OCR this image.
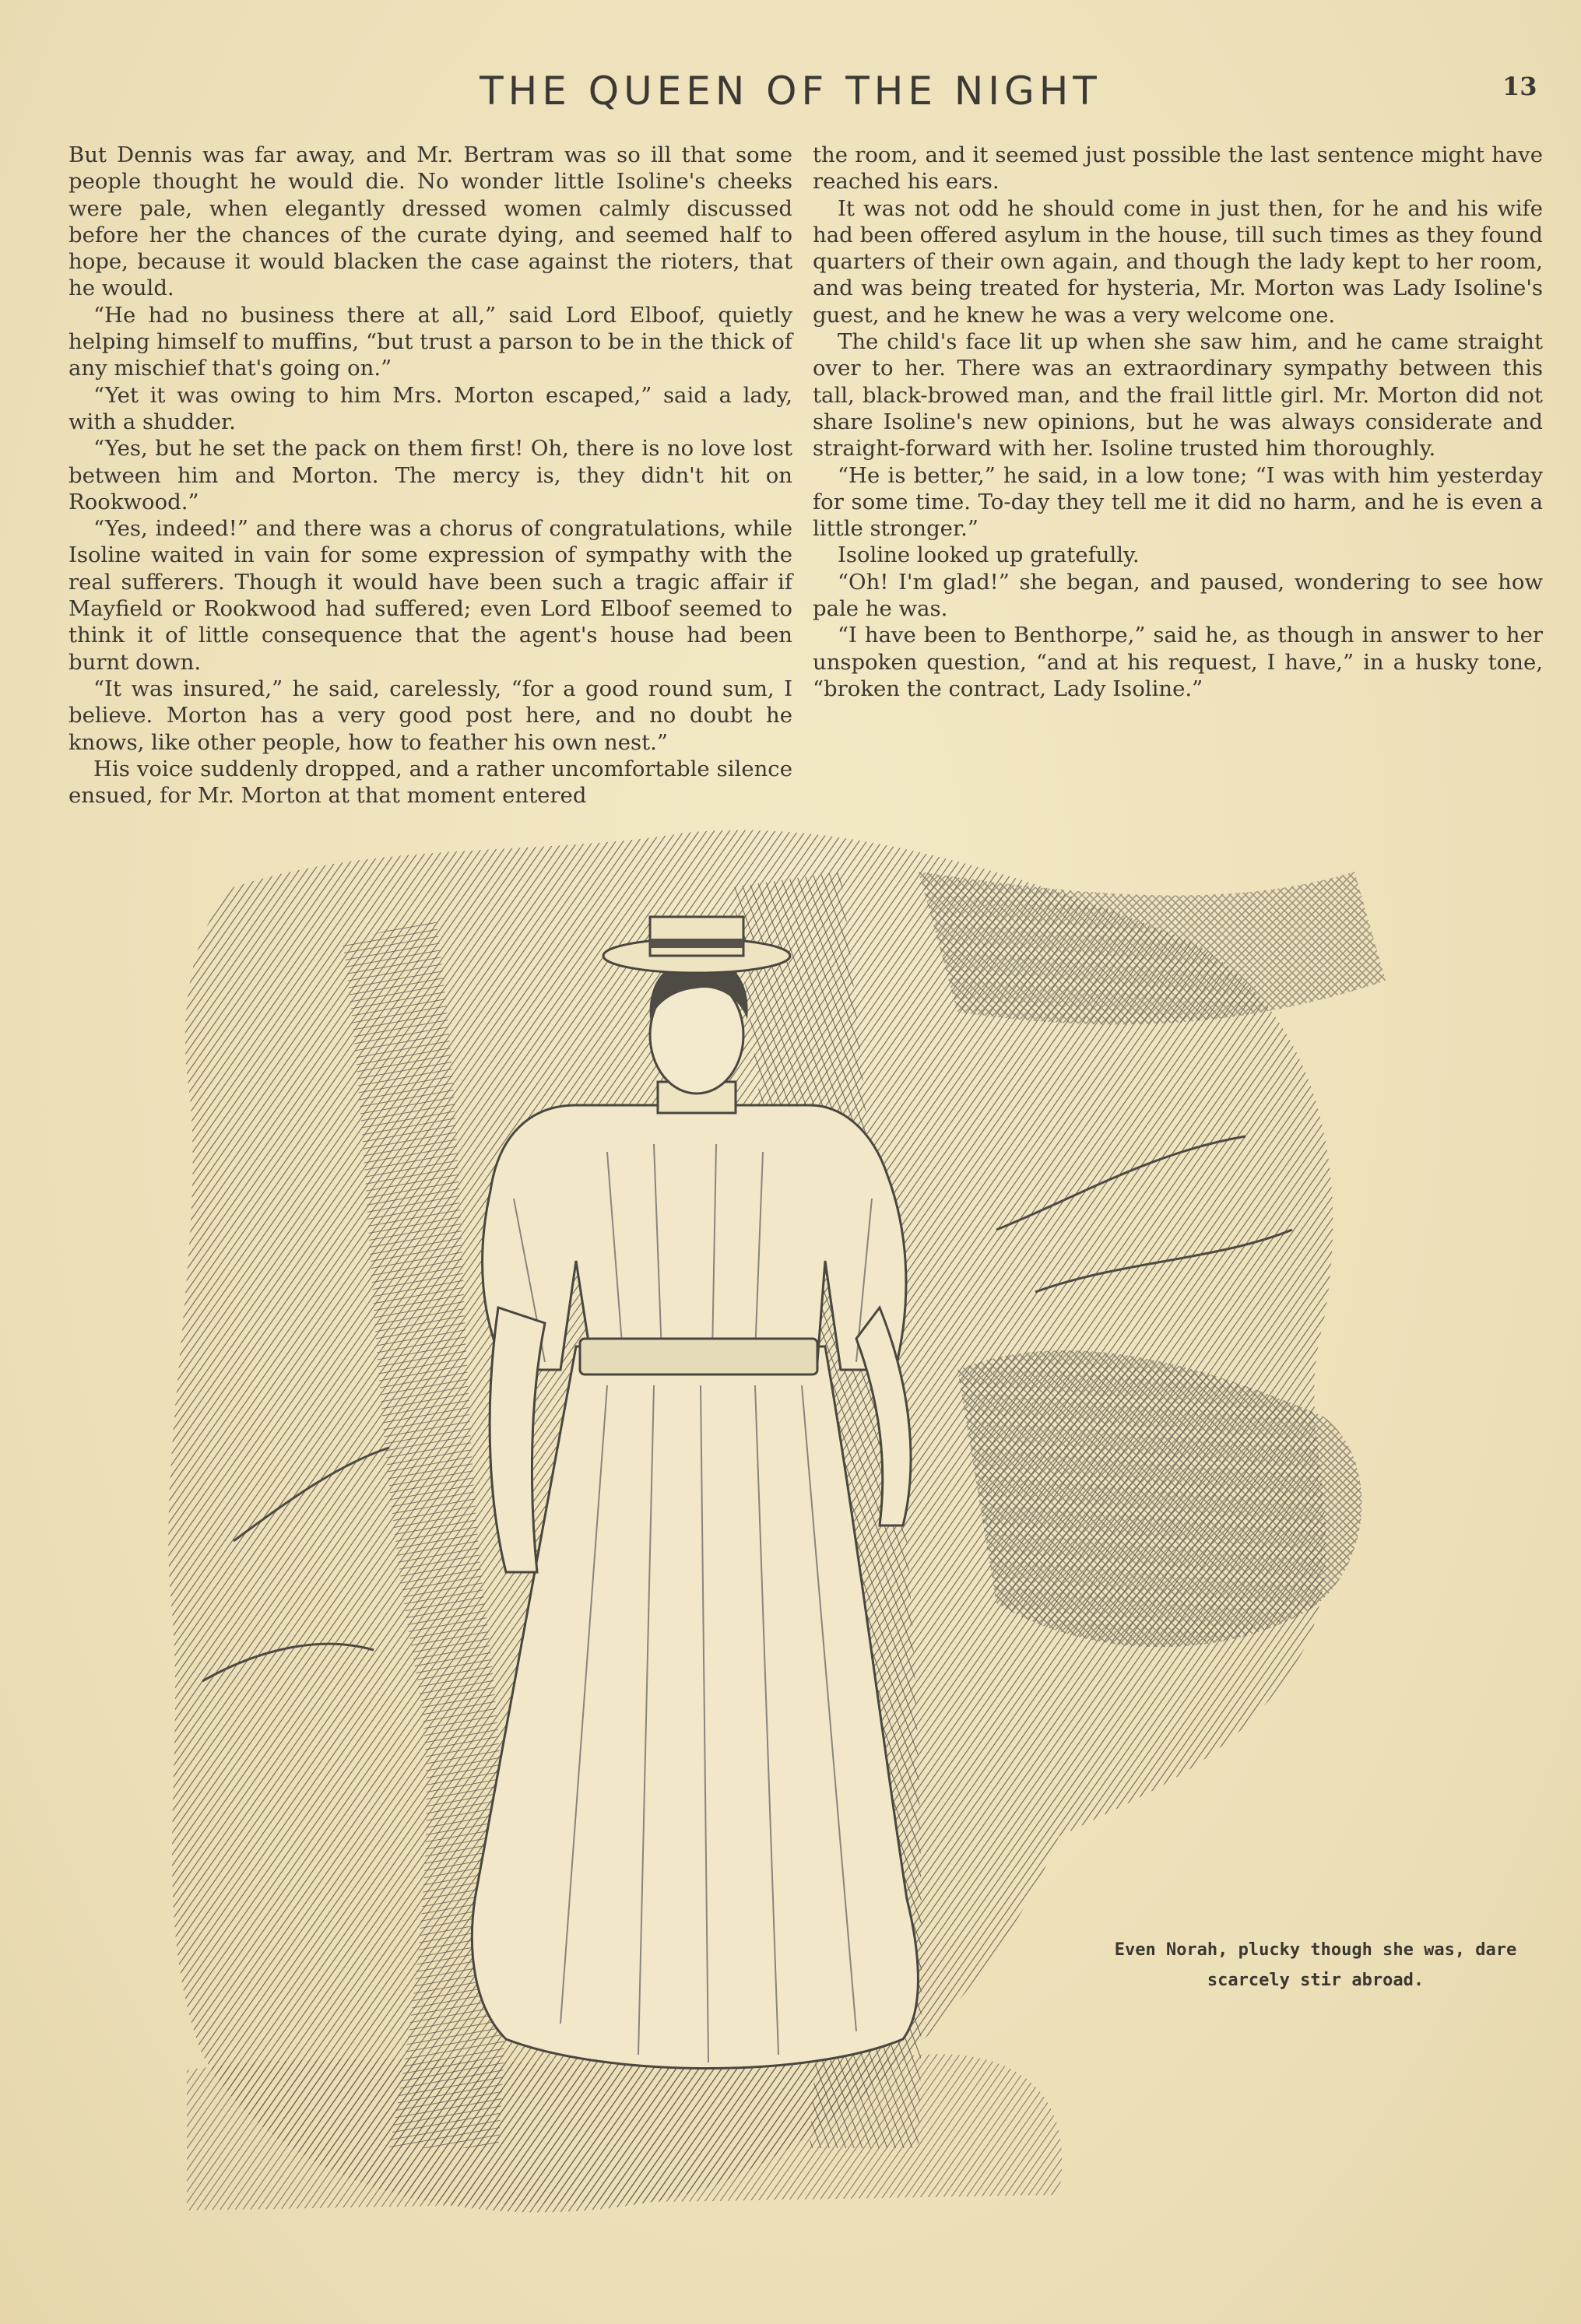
THE QUEEN OF THE NIGHT	13

But Dennis was far away, and Mr. Bertram was so ill that some people thought he would die. No wonder little Isoline's cheeks were pale, when elegantly dressed women calmly discussed before her the chances of the curate dying, and seemed half to hope, because it would blacken the case against the rioters, that he would.

“He had no business there at all,” said Lord Elboof, quietly helping himself to muffins, “but trust a parson to be in the thick of any mischief that's going on.”

“Yet it was owing to him Mrs. Morton escaped,” said a lady, with a shudder.

“Yes, but he set the pack on them first! Oh, there is no love lost between him and Morton. The mercy is, they didn't hit on Rookwood.”

“Yes, indeed!” and there was a chorus of congratulations, while Isoline waited in vain for some expression of sympathy with the real sufferers. Though it would have been such a tragic affair if Mayfield or Rookwood had suffered; even Lord Elboof seemed to think it of little consequence that the agent's house had been burnt down.

“It was insured,” he said, carelessly, “for a good round sum, I believe. Morton has a very good post here, and no doubt he knows, like other people, how to feather his own nest.”

His voice suddenly dropped, and a rather uncomfortable silence ensued, for Mr. Morton at that moment entered

the room, and it seemed just possible the last sentence might have reached his ears.

It was not odd he should come in just then, for he and his wife had been offered asylum in the house, till such times as they found quarters of their own again, and though the lady kept to her room, and was being treated for hysteria, Mr. Morton was Lady Isoline's guest, and he knew he was a very welcome one.

The child's face lit up when she saw him, and he came straight over to her. There was an extraordinary sympathy between this tall, black-browed man, and the frail little girl. Mr. Morton did not share Isoline's new opinions, but he was always considerate and straight-forward with her. Isoline trusted him thoroughly.

“He is better,” he said, in a low tone; “I was with him yesterday for some time. To-day they tell me it did no harm, and he is even a little stronger.”

Isoline looked up gratefully.

“Oh! I'm glad!” she began, and paused, wondering to see how pale he was.

“I have been to Benthorpe,” said he, as though in answer to her unspoken question, “and at his request, I have,” in a husky tone, “broken the contract, Lady Isoline.”

Even Norah, plucky though she was, dare scarcely stir abroad.
